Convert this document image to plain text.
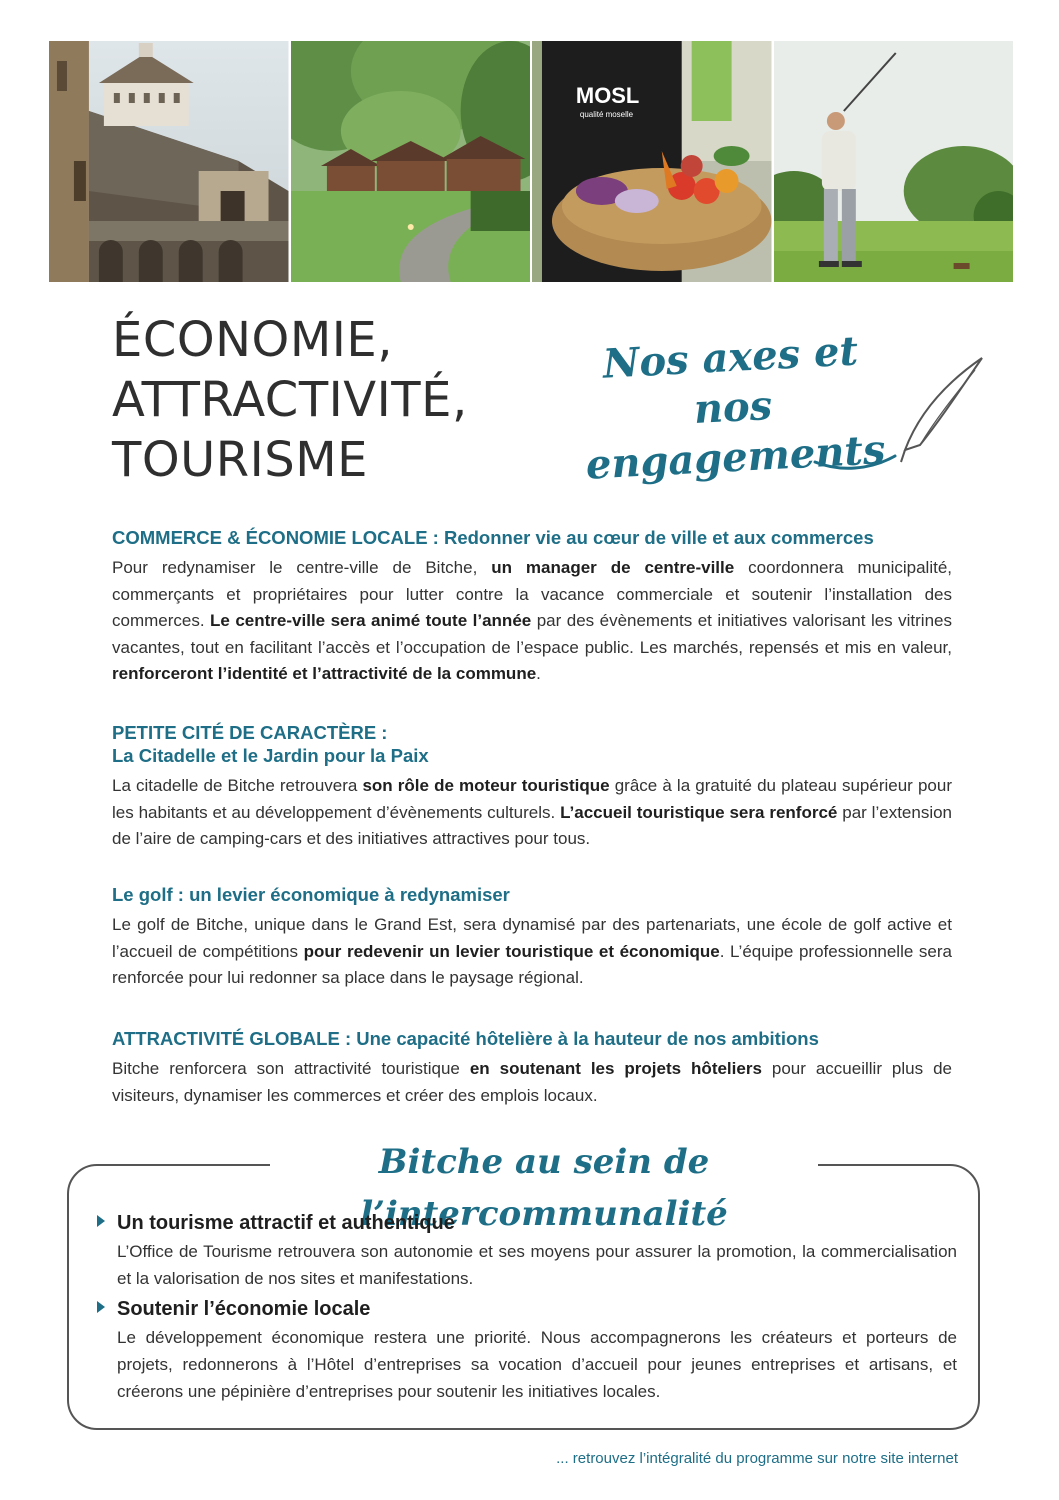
MOSL
qualité moselle
ÉCONOMIE,
ATTRACTIVITÉ,
TOURISME
Nos axes et
nos engagements
COMMERCE & ÉCONOMIE LOCALE : Redonner vie au cœur de ville et aux commerces

Pour redynamiser le centre-ville de Bitche, un manager de centre-ville coordonnera municipalité, commerçants et propriétaires pour lutter contre la vacance commerciale et soutenir l’installation des commerces. Le centre-ville sera animé toute l’année par des évènements et initiatives valorisant les vitrines vacantes, tout en facilitant l’accès et l’occupation de l’espace public. Les marchés, repensés et mis en valeur, renforceront l’identité et l’attractivité de la commune.

PETITE CITÉ DE CARACTÈRE :
La Citadelle et le Jardin pour la Paix

La citadelle de Bitche retrouvera son rôle de moteur touristique grâce à la gratuité du plateau supérieur pour les habitants et au développement d’évènements culturels. L’accueil touristique sera renforcé par l’extension de l’aire de camping-cars et des initiatives attractives pour tous.

Le golf : un levier économique à redynamiser

Le golf de Bitche, unique dans le Grand Est, sera dynamisé par des partenariats, une école de golf active et l’accueil de compétitions pour redevenir un levier touristique et économique. L’équipe professionnelle sera renforcée pour lui redonner sa place dans le paysage régional.

ATTRACTIVITÉ GLOBALE : Une capacité hôtelière à la hauteur de nos ambitions

Bitche renforcera son attractivité touristique en soutenant les projets hôteliers pour accueillir plus de visiteurs, dynamiser les commerces et créer des emplois locaux.

Bitche au sein de l’intercommunalité
Un tourisme attractif et authentique

L’Office de Tourisme retrouvera son autonomie et ses moyens pour assurer la promotion, la commercialisation et la valorisation de nos sites et manifestations.

Soutenir l’économie locale

Le développement économique restera une priorité. Nous accompagnerons les créateurs et porteurs de projets, redonnerons à l’Hôtel d’entreprises sa vocation d’accueil pour jeunes entreprises et artisans, et créerons une pépinière d’entreprises pour soutenir les initiatives locales.

... retrouvez l’intégralité du programme sur notre site internet
